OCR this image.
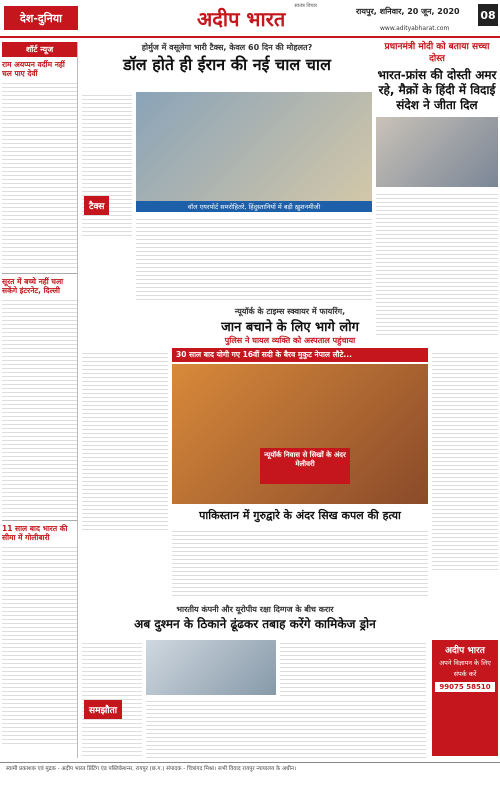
देश-दुनिया	अदीप भारत
स्वतंत्र विचार
रायपुर, शनिवार, 20 जून, 2020
www.adityabharat.com
08
शॉर्ट न्यूज
राम अयप्पन वर्दीम नहीं चल पाए देवीं
सूरत में बच्चे नहीं चला सकेंगे इंटरनेट, दिल्ली
11 साल बाद भारत की सीमा में गोलीबारी
होर्मुज में वसूलेगा भारी टैक्स, केवल 60 दिन की मोहलत?
डॉल होते ही ईरान की नई चाल चाल
टैक्स	वॉल एयरपोर्ट समरोहितरे, हिंदुस्तानियों में बड़ी ख़ुशनमीजी
प्रधानमंत्री मोदी को बताया सच्चा दोस्त
भारत-फ्रांस की दोस्ती अमर रहे, मैक्रों के हिंदी में विदाई संदेश ने जीता दिल
न्यूयॉर्क के टाइम्स स्क्वायर में फायरिंग,
जान बचाने के लिए भागे लोग
पुलिस ने घायल व्यक्ति को अस्पताल पहुंचाया
30 साल बाद योगी गए 16वीं सदी के बैरव मुकुट नेपाल लौटे...
न्यूयॉर्क निवास से सिखों के अंदर मेलीवरी
पाकिस्तान में गुरुद्वारे के अंदर सिख कपल की हत्या
भारतीय कंपनी और यूरोपीय रक्षा दिग्गज के बीच करार
अब दुश्मन के ठिकाने ढूंढकर तबाह करेंगे कामिकेज ड्रोन
समझौता
अदीप भारत
अपने विज्ञापन के लिए
संपर्क करें
99075 58510
स्वामी प्रकाशक एवं मुद्रक - अदीप भारत प्रिंटिंग एंड पब्लिकेशन्स, रायपुर (छ.ग.) संपादक - चित्रांगद मिश्रा। सभी विवाद रायपुर न्यायालय के अधीन।
